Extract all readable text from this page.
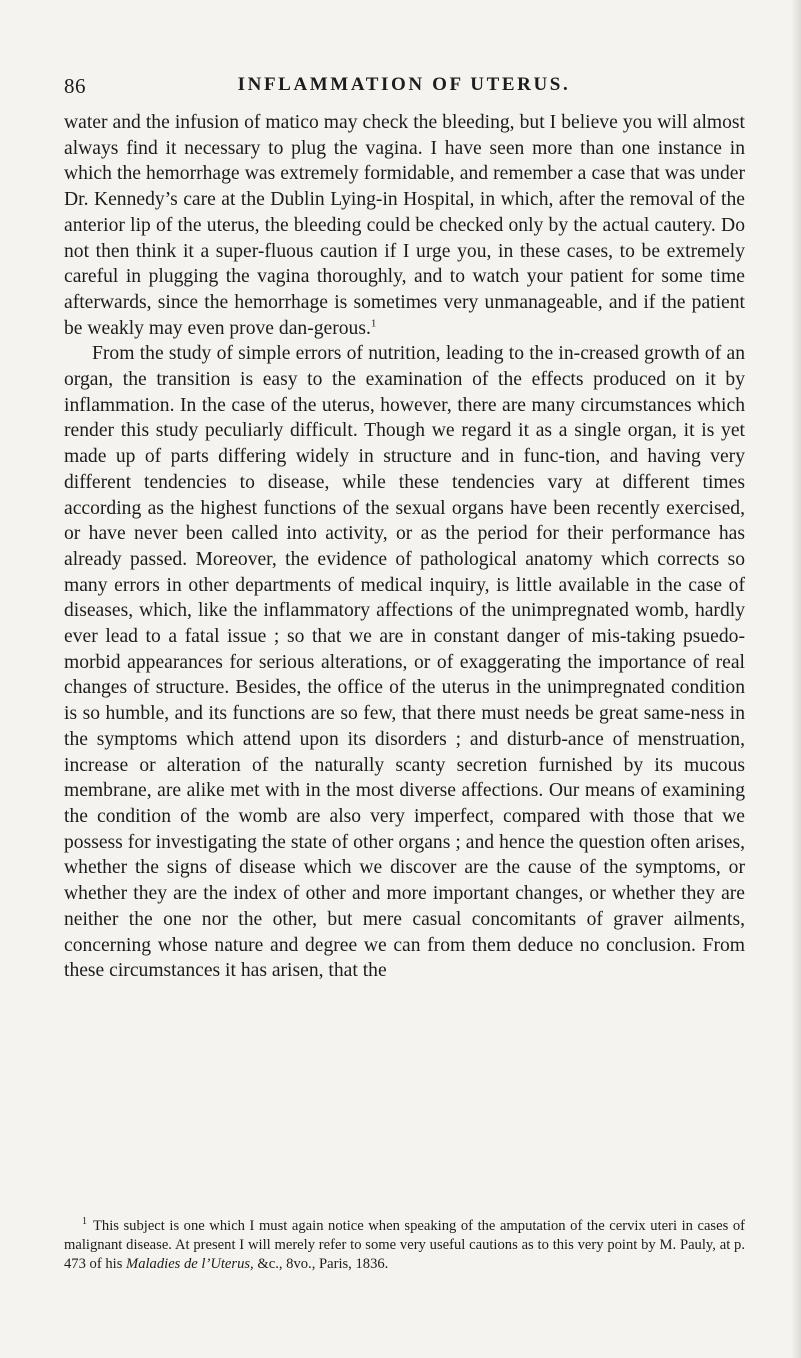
86	INFLAMMATION OF UTERUS.

water and the infusion of matico may check the bleeding, but I believe you will almost always find it necessary to plug the vagina. I have seen more than one instance in which the hemorrhage was extremely formidable, and remember a case that was under Dr. Kennedy’s care at the Dublin Lying-in Hospital, in which, after the removal of the anterior lip of the uterus, the bleeding could be checked only by the actual cautery. Do not then think it a super-fluous caution if I urge you, in these cases, to be extremely careful in plugging the vagina thoroughly, and to watch your patient for some time afterwards, since the hemorrhage is sometimes very unmanageable, and if the patient be weakly may even prove dan-gerous.$^1$

From the study of simple errors of nutrition, leading to the in-creased growth of an organ, the transition is easy to the examination of the effects produced on it by inflammation. In the case of the uterus, however, there are many circumstances which render this study peculiarly difficult. Though we regard it as a single organ, it is yet made up of parts differing widely in structure and in func-tion, and having very different tendencies to disease, while these tendencies vary at different times according as the highest functions of the sexual organs have been recently exercised, or have never been called into activity, or as the period for their performance has already passed. Moreover, the evidence of pathological anatomy which corrects so many errors in other departments of medical inquiry, is little available in the case of diseases, which, like the inflammatory affections of the unimpregnated womb, hardly ever lead to a fatal issue ; so that we are in constant danger of mis-taking psuedo-morbid appearances for serious alterations, or of exaggerating the importance of real changes of structure. Besides, the office of the uterus in the unimpregnated condition is so humble, and its functions are so few, that there must needs be great same-ness in the symptoms which attend upon its disorders ; and disturb-ance of menstruation, increase or alteration of the naturally scanty secretion furnished by its mucous membrane, are alike met with in the most diverse affections. Our means of examining the condition of the womb are also very imperfect, compared with those that we possess for investigating the state of other organs ; and hence the question often arises, whether the signs of disease which we discover are the cause of the symptoms, or whether they are the index of other and more important changes, or whether they are neither the one nor the other, but mere casual concomitants of graver ailments, concerning whose nature and degree we can from them deduce no conclusion. From these circumstances it has arisen, that the

$^1$ This subject is one which I must again notice when speaking of the amputation of the cervix uteri in cases of malignant disease. At present I will merely refer to some very useful cautions as to this very point by M. Pauly, at p. 473 of his Maladies de l’Uterus, &c., 8vo., Paris, 1836.
